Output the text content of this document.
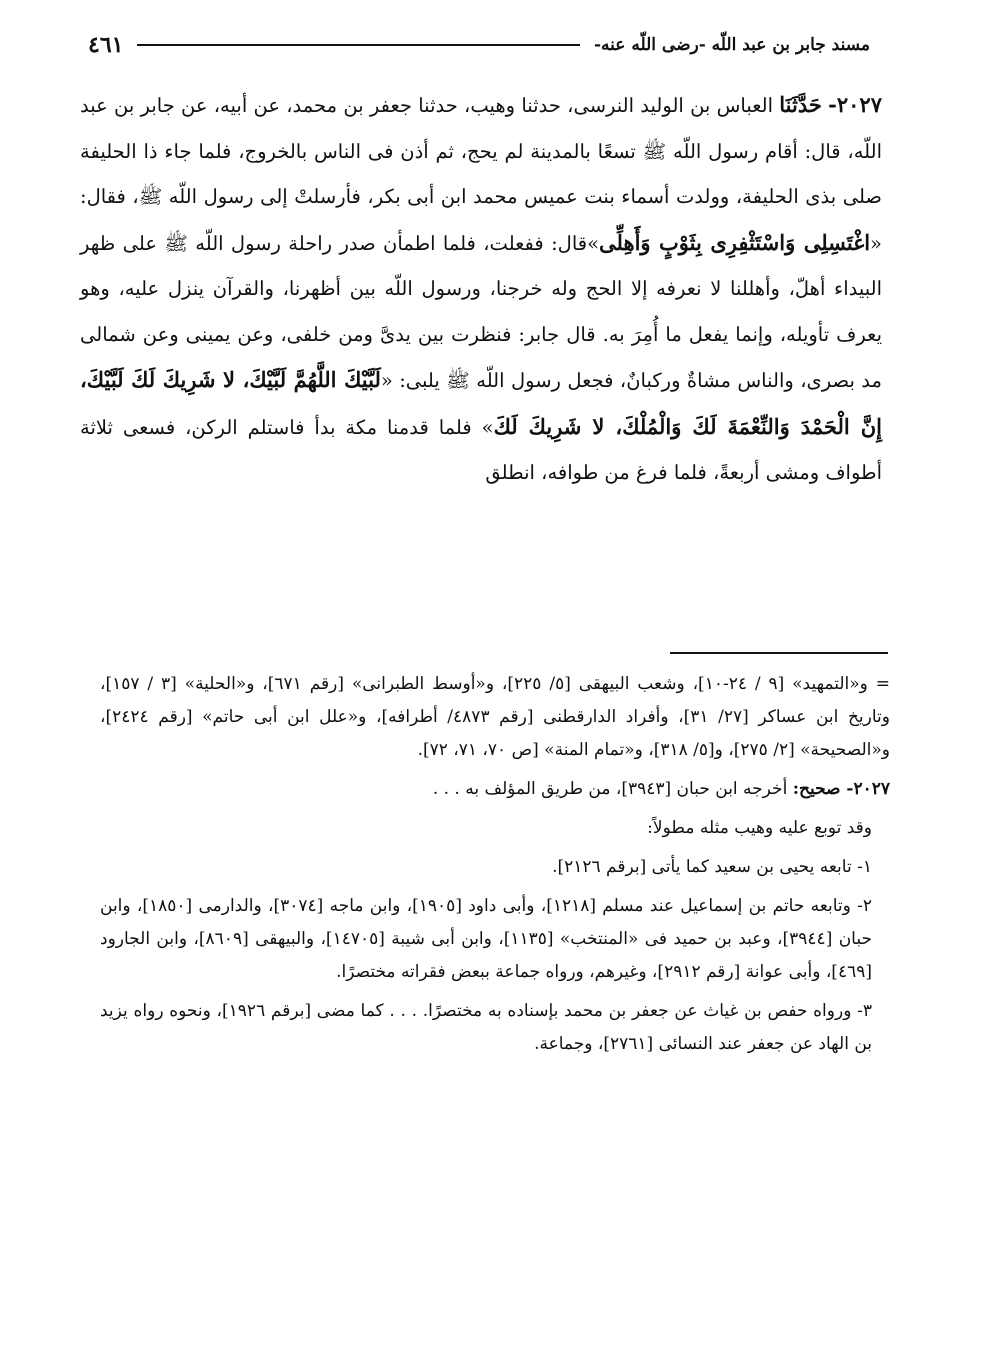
مسند جابر بن عبد اللّه -رضى اللّه عنه-
٤٦١

٢٠٢٧- حَدَّثَنَا العباس بن الوليد النرسى، حدثنا وهيب، حدثنا جعفر بن محمد، عن أبيه، عن جابر بن عبد اللّه، قال: أقام رسول اللّه ﷺ تسعًا بالمدينة لم يحج، ثم أذن فى الناس بالخروج، فلما جاء ذا الحليفة صلى بذى الحليفة، وولدت أسماء بنت عميس محمد ابن أبى بكر، فأرسلتْ إلى رسول اللّه ﷺ، فقال: «اغْتَسِلِى وَاسْتَثْفِرِى بِثَوْبٍ وَأَهِلِّى»قال: ففعلت، فلما اطمأن صدر راحلة رسول اللّه ﷺ على ظهر البيداء أهلّ، وأهللنا لا نعرفه إلا الحج وله خرجنا، ورسول اللّه بين أظهرنا، والقرآن ينزل عليه، وهو يعرف تأويله، وإنما يفعل ما أُمِرَ به. قال جابر: فنظرت بين يدىَّ ومن خلفى، وعن يمينى وعن شمالى مد بصرى، والناس مشاةٌ وركبانٌ، فجعل رسول اللّه ﷺ يلبى: «لَبَّيْكَ اللَّهُمَّ لَبَّيْكَ، لا شَرِيكَ لَكَ لَبَّيْكَ، إِنَّ الْحَمْدَ وَالنِّعْمَةَ لَكَ وَالْمُلْكَ، لا شَرِيكَ لَكَ» فلما قدمنا مكة بدأ فاستلم الركن، فسعى ثلاثة أطواف ومشى أربعةً، فلما فرغ من طوافه، انطلق

= و«التمهيد» [٩ / ٢٤-١٠]، وشعب البيهقى [٥/ ٢٢٥]، و«أوسط الطبرانى» [رقم ٦٧١]، و«الحلية» [٣ / ١٥٧]، وتاريخ ابن عساكر [٢٧/ ٣١]، وأفراد الدارقطنى [رقم ٤٨٧٣/ أطرافه]، و«علل ابن أبى حاتم» [رقم ٢٤٢٤]، و«الصحيحة» [٢/ ٢٧٥]، و[٥/ ٣١٨]، و«تمام المنة» [ص ٧٠، ٧١، ٧٢].

٢٠٢٧- صحيح: أخرجه ابن حبان [٣٩٤٣]، من طريق المؤلف به . . .

وقد توبع عليه وهيب مثله مطولاً:

١- تابعه يحيى بن سعيد كما يأتى [برقم ٢١٢٦].

٢- وتابعه حاتم بن إسماعيل عند مسلم [١٢١٨]، وأبى داود [١٩٠٥]، وابن ماجه [٣٠٧٤]، والدارمى [١٨٥٠]، وابن حبان [٣٩٤٤]، وعبد بن حميد فى «المنتخب» [١١٣٥]، وابن أبى شيبة [١٤٧٠٥]، والبيهقى [٨٦٠٩]، وابن الجارود [٤٦٩]، وأبى عوانة [رقم ٢٩١٢]، وغيرهم، ورواه جماعة ببعض فقراته مختصرًا.

٣- ورواه حفص بن غياث عن جعفر بن محمد بإسناده به مختصرًا. . . . كما مضى [برقم ١٩٢٦]، ونحوه رواه يزيد بن الهاد عن جعفر عند النسائى [٢٧٦١]، وجماعة.
